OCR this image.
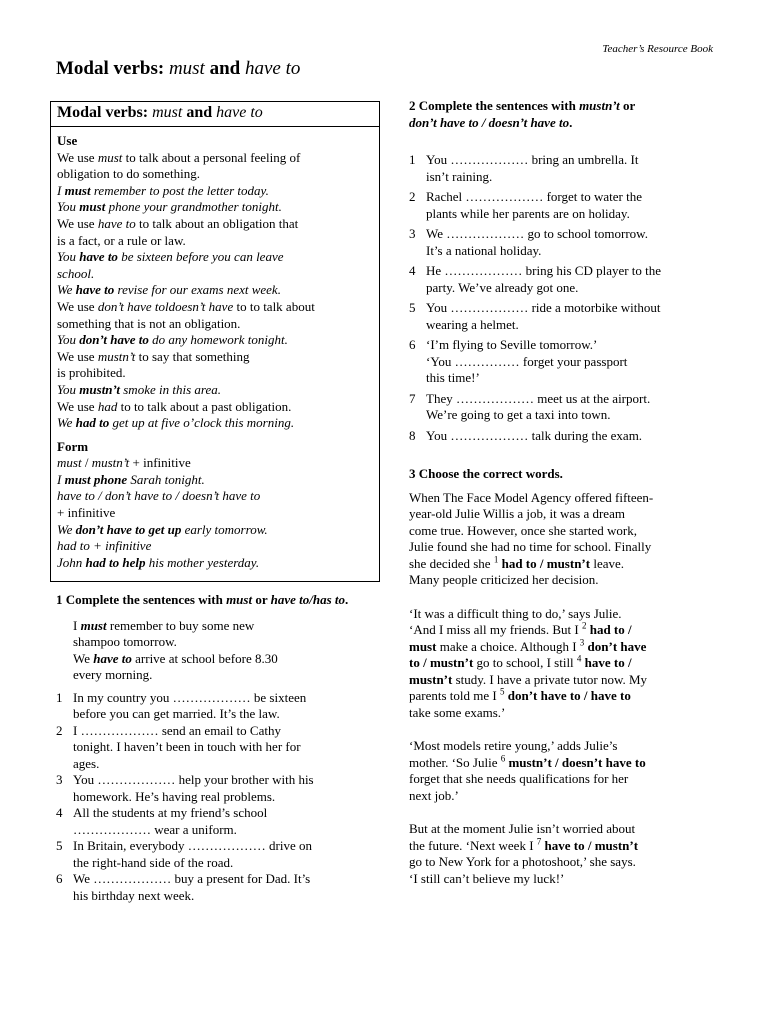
Teacher’s Resource Book
Modal verbs: must and have to
Modal verbs: must and have to
Use
We use must to talk about a personal feeling of
obligation to do something.
I must remember to post the letter today.
You must phone your grandmother tonight.
We use have to to talk about an obligation that
is a fact, or a rule or law.
You have to be sixteen before you can leave
school.
We have to revise for our exams next week.
We use don’t have toldoesn’t have to to talk about
something that is not an obligation.
You don’t have to do any homework tonight.
We use mustn’t to say that something
is prohibited.
You mustn’t smoke in this area.
We use had to to talk about a past obligation.
We had to get up at five o’clock this morning.
Form
must / mustn’t + infinitive
I must phone Sarah tonight.
have to / don’t have to / doesn’t have to
+ infinitive
We don’t have to get up early tomorrow.
had to + infinitive
John had to help his mother yesterday.
1 Complete the sentences with must or have to/has to.
I must remember to buy some new
shampoo tomorrow.
We have to arrive at school before 8.30
every morning.
1 In my country you ……………… be sixteen
before you can get married. It’s the law.
2 I ……………… send an email to Cathy
tonight. I haven’t been in touch with her for
ages.
3 You ……………… help your brother with his
homework. He’s having real problems.
4 All the students at my friend’s school
……………… wear a uniform.
5 In Britain, everybody ……………… drive on
the right-hand side of the road.
6 We ……………… buy a present for Dad. It’s
his birthday next week.
2 Complete the sentences with mustn’t or
don’t have to / doesn’t have to.
1 You ……………… bring an umbrella. It
isn’t raining.
2 Rachel ……………… forget to water the
plants while her parents are on holiday.
3 We ……………… go to school tomorrow.
It’s a national holiday.
4 He ……………… bring his CD player to the
party. We’ve already got one.
5 You ……………… ride a motorbike without
wearing a helmet.
6 ‘I’m flying to Seville tomorrow.’
‘You …………… forget your passport
this time!’
7 They ……………… meet us at the airport.
We’re going to get a taxi into town.
8 You ……………… talk during the exam.
3 Choose the correct words.
When The Face Model Agency offered fifteen-
year-old Julie Willis a job, it was a dream
come true. However, once she started work,
Julie found she had no time for school. Finally
she decided she $^1$ had to / mustn’t leave.
Many people criticized her decision.
‘It was a difficult thing to do,’ says Julie.
‘And I miss all my friends. But I $^2$ had to /
must make a choice. Although I $^3$ don’t have
to / mustn’t go to school, I still $^4$ have to /
mustn’t study. I have a private tutor now. My
parents told me I $^5$ don’t have to / have to
take some exams.’
‘Most models retire young,’ adds Julie’s
mother. ‘So Julie $^6$ mustn’t / doesn’t have to
forget that she needs qualifications for her
next job.’
But at the moment Julie isn’t worried about
the future. ‘Next week I $^7$ have to / mustn’t
go to New York for a photoshoot,’ she says.
‘I still can’t believe my luck!’
